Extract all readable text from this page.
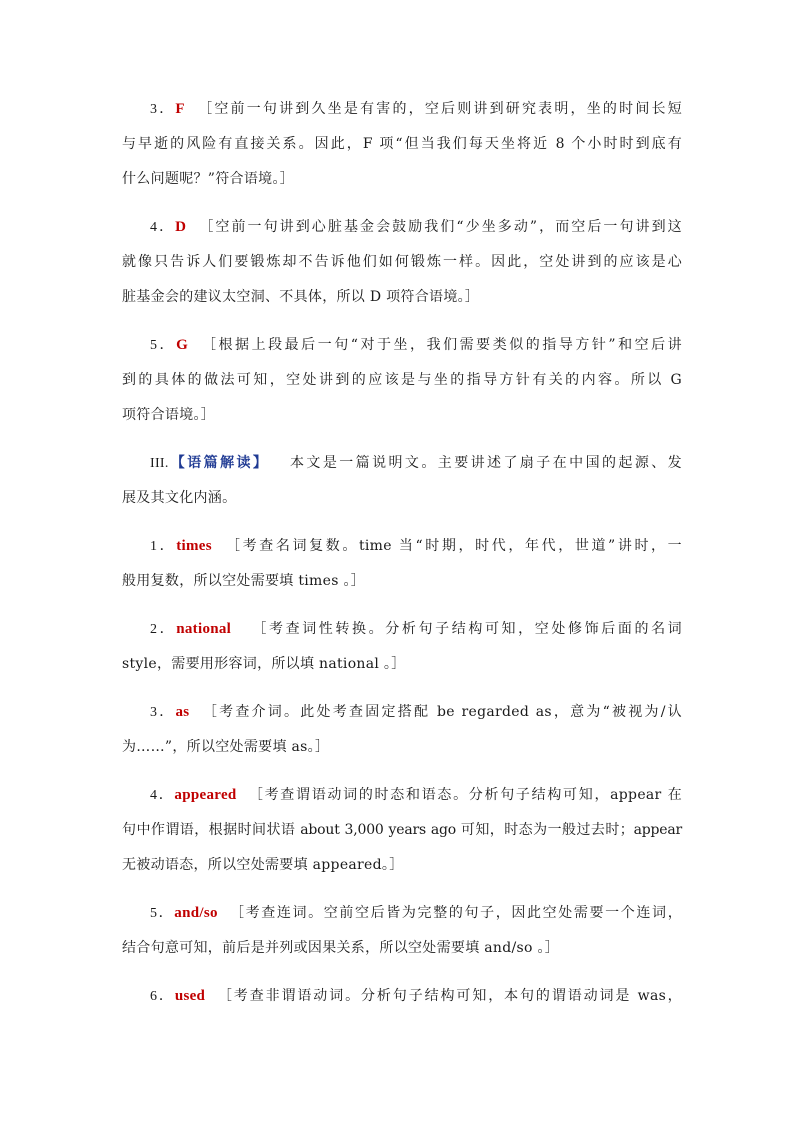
3．F ［空前一句讲到久坐是有害的，空后则讲到研究表明，坐的时间长短
与早逝的风险有直接关系。因此，F 项“但当我们每天坐将近 8 个小时时到底有
什么问题呢？”符合语境。］
4．D ［空前一句讲到心脏基金会鼓励我们“少坐多动”，而空后一句讲到这
就像只告诉人们要锻炼却不告诉他们如何锻炼一样。因此，空处讲到的应该是心
脏基金会的建议太空洞、不具体，所以 D 项符合语境。］
5．G ［根据上段最后一句“对于坐，我们需要类似的指导方针”和空后讲
到的具体的做法可知，空处讲到的应该是与坐的指导方针有关的内容。所以 G
项符合语境。］
III.【语篇解读】 本文是一篇说明文。主要讲述了扇子在中国的起源、发
展及其文化内涵。
1．times ［考查名词复数。time 当“时期，时代，年代，世道”讲时，一
般用复数，所以空处需要填 times 。］
2．national ［考查词性转换。分析句子结构可知，空处修饰后面的名词
style，需要用形容词，所以填 national 。］
3．as ［考查介词。此处考查固定搭配 be regarded as，意为“被视为/认
为……”，所以空处需要填 as。］
4．appeared ［考查谓语动词的时态和语态。分析句子结构可知，appear 在
句中作谓语，根据时间状语 about 3,000 years ago 可知，时态为一般过去时；appear
无被动语态，所以空处需要填 appeared。］
5．and/so ［考查连词。空前空后皆为完整的句子，因此空处需要一个连词，
结合句意可知，前后是并列或因果关系，所以空处需要填 and/so 。］
6．used ［考查非谓语动词。分析句子结构可知，本句的谓语动词是 was，
